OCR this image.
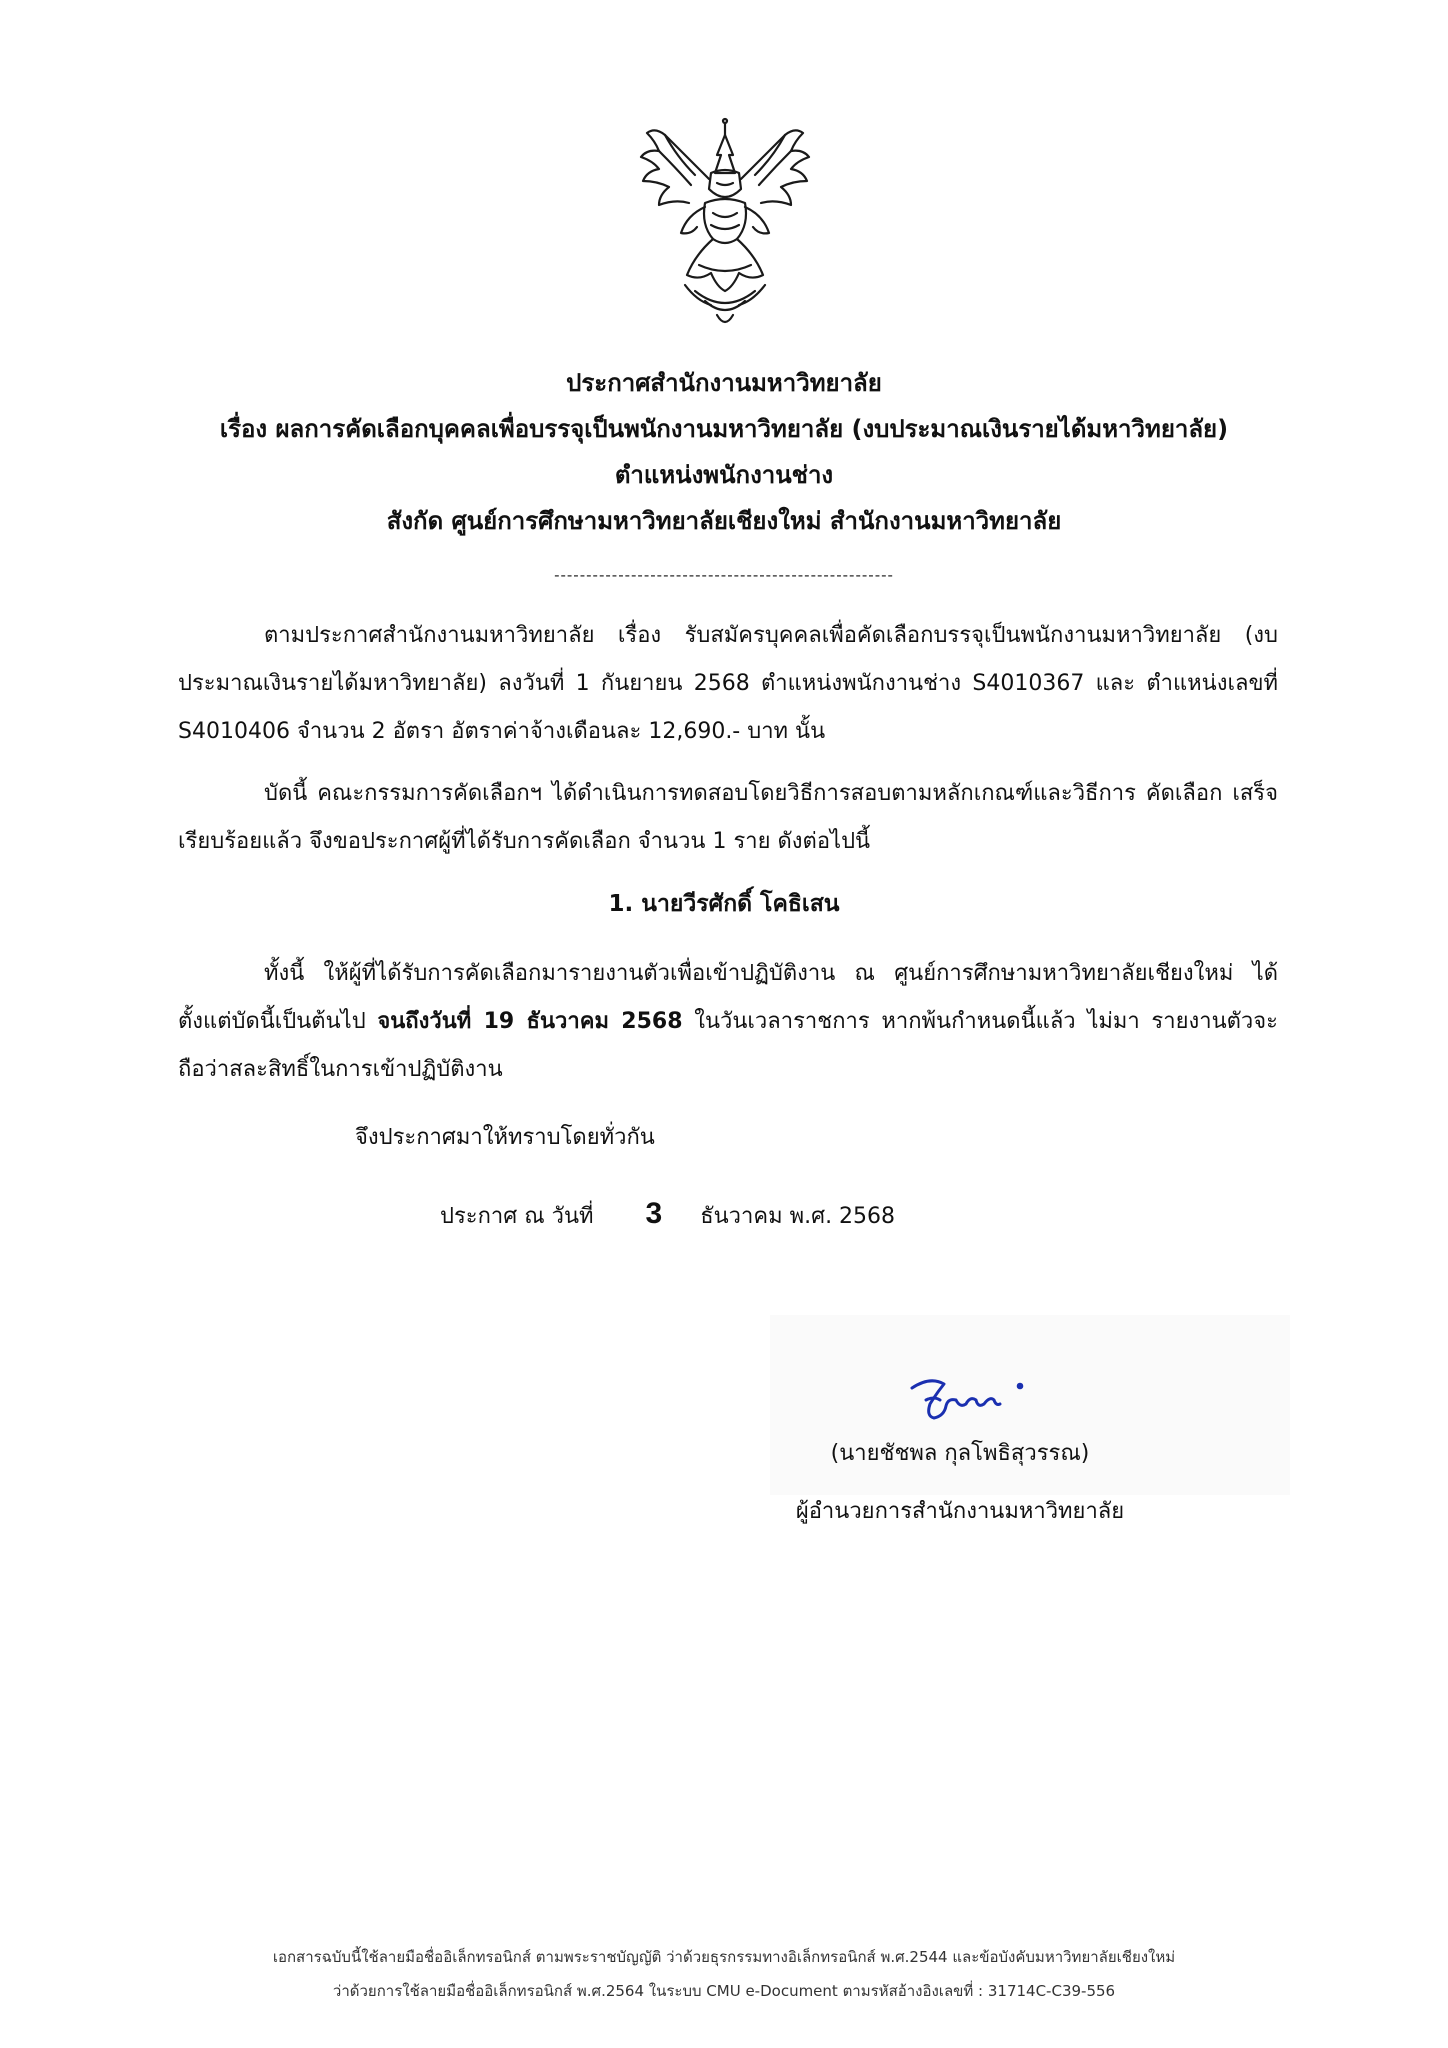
ประกาศสำนักงานมหาวิทยาลัย
เรื่อง ผลการคัดเลือกบุคคลเพื่อบรรจุเป็นพนักงานมหาวิทยาลัย (งบประมาณเงินรายได้มหาวิทยาลัย)
ตำแหน่งพนักงานช่าง
สังกัด ศูนย์การศึกษามหาวิทยาลัยเชียงใหม่ สำนักงานมหาวิทยาลัย
-----------------------------------------------------

ตามประกาศสำนักงานมหาวิทยาลัย เรื่อง รับสมัครบุคคลเพื่อคัดเลือกบรรจุเป็นพนักงานมหาวิทยาลัย (งบประมาณเงินรายได้มหาวิทยาลัย) ลงวันที่ 1 กันยายน 2568 ตำแหน่งพนักงานช่าง S4010367 และ ตำแหน่งเลขที่ S4010406 จำนวน 2 อัตรา อัตราค่าจ้างเดือนละ 12,690.- บาท นั้น

บัดนี้ คณะกรรมการคัดเลือกฯ ได้ดำเนินการทดสอบโดยวิธีการสอบตามหลักเกณฑ์และวิธีการ คัดเลือก เสร็จเรียบร้อยแล้ว จึงขอประกาศผู้ที่ได้รับการคัดเลือก จำนวน 1 ราย ดังต่อไปนี้

1. นายวีรศักดิ์ โคธิเสน

ทั้งนี้ ให้ผู้ที่ได้รับการคัดเลือกมารายงานตัวเพื่อเข้าปฏิบัติงาน ณ ศูนย์การศึกษามหาวิทยาลัยเชียงใหม่ ได้ตั้งแต่บัดนี้เป็นต้นไป จนถึงวันที่ 19 ธันวาคม 2568 ในวันเวลาราชการ หากพ้นกำหนดนี้แล้ว ไม่มา รายงานตัวจะถือว่าสละสิทธิ์ในการเข้าปฏิบัติงาน

จึงประกาศมาให้ทราบโดยทั่วกัน
ประกาศ ณ วันที่ 3 ธันวาคม พ.ศ. 2568
(นายชัชพล กุลโพธิสุวรรณ)
ผู้อำนวยการสำนักงานมหาวิทยาลัย
เอกสารฉบับนี้ใช้ลายมือชื่ออิเล็กทรอนิกส์ ตามพระราชบัญญัติ ว่าด้วยธุรกรรมทางอิเล็กทรอนิกส์ พ.ศ.2544 และข้อบังคับมหาวิทยาลัยเชียงใหม่
ว่าด้วยการใช้ลายมือชื่ออิเล็กทรอนิกส์ พ.ศ.2564 ในระบบ CMU e-Document ตามรหัสอ้างอิงเลขที่ : 31714C-C39-556
